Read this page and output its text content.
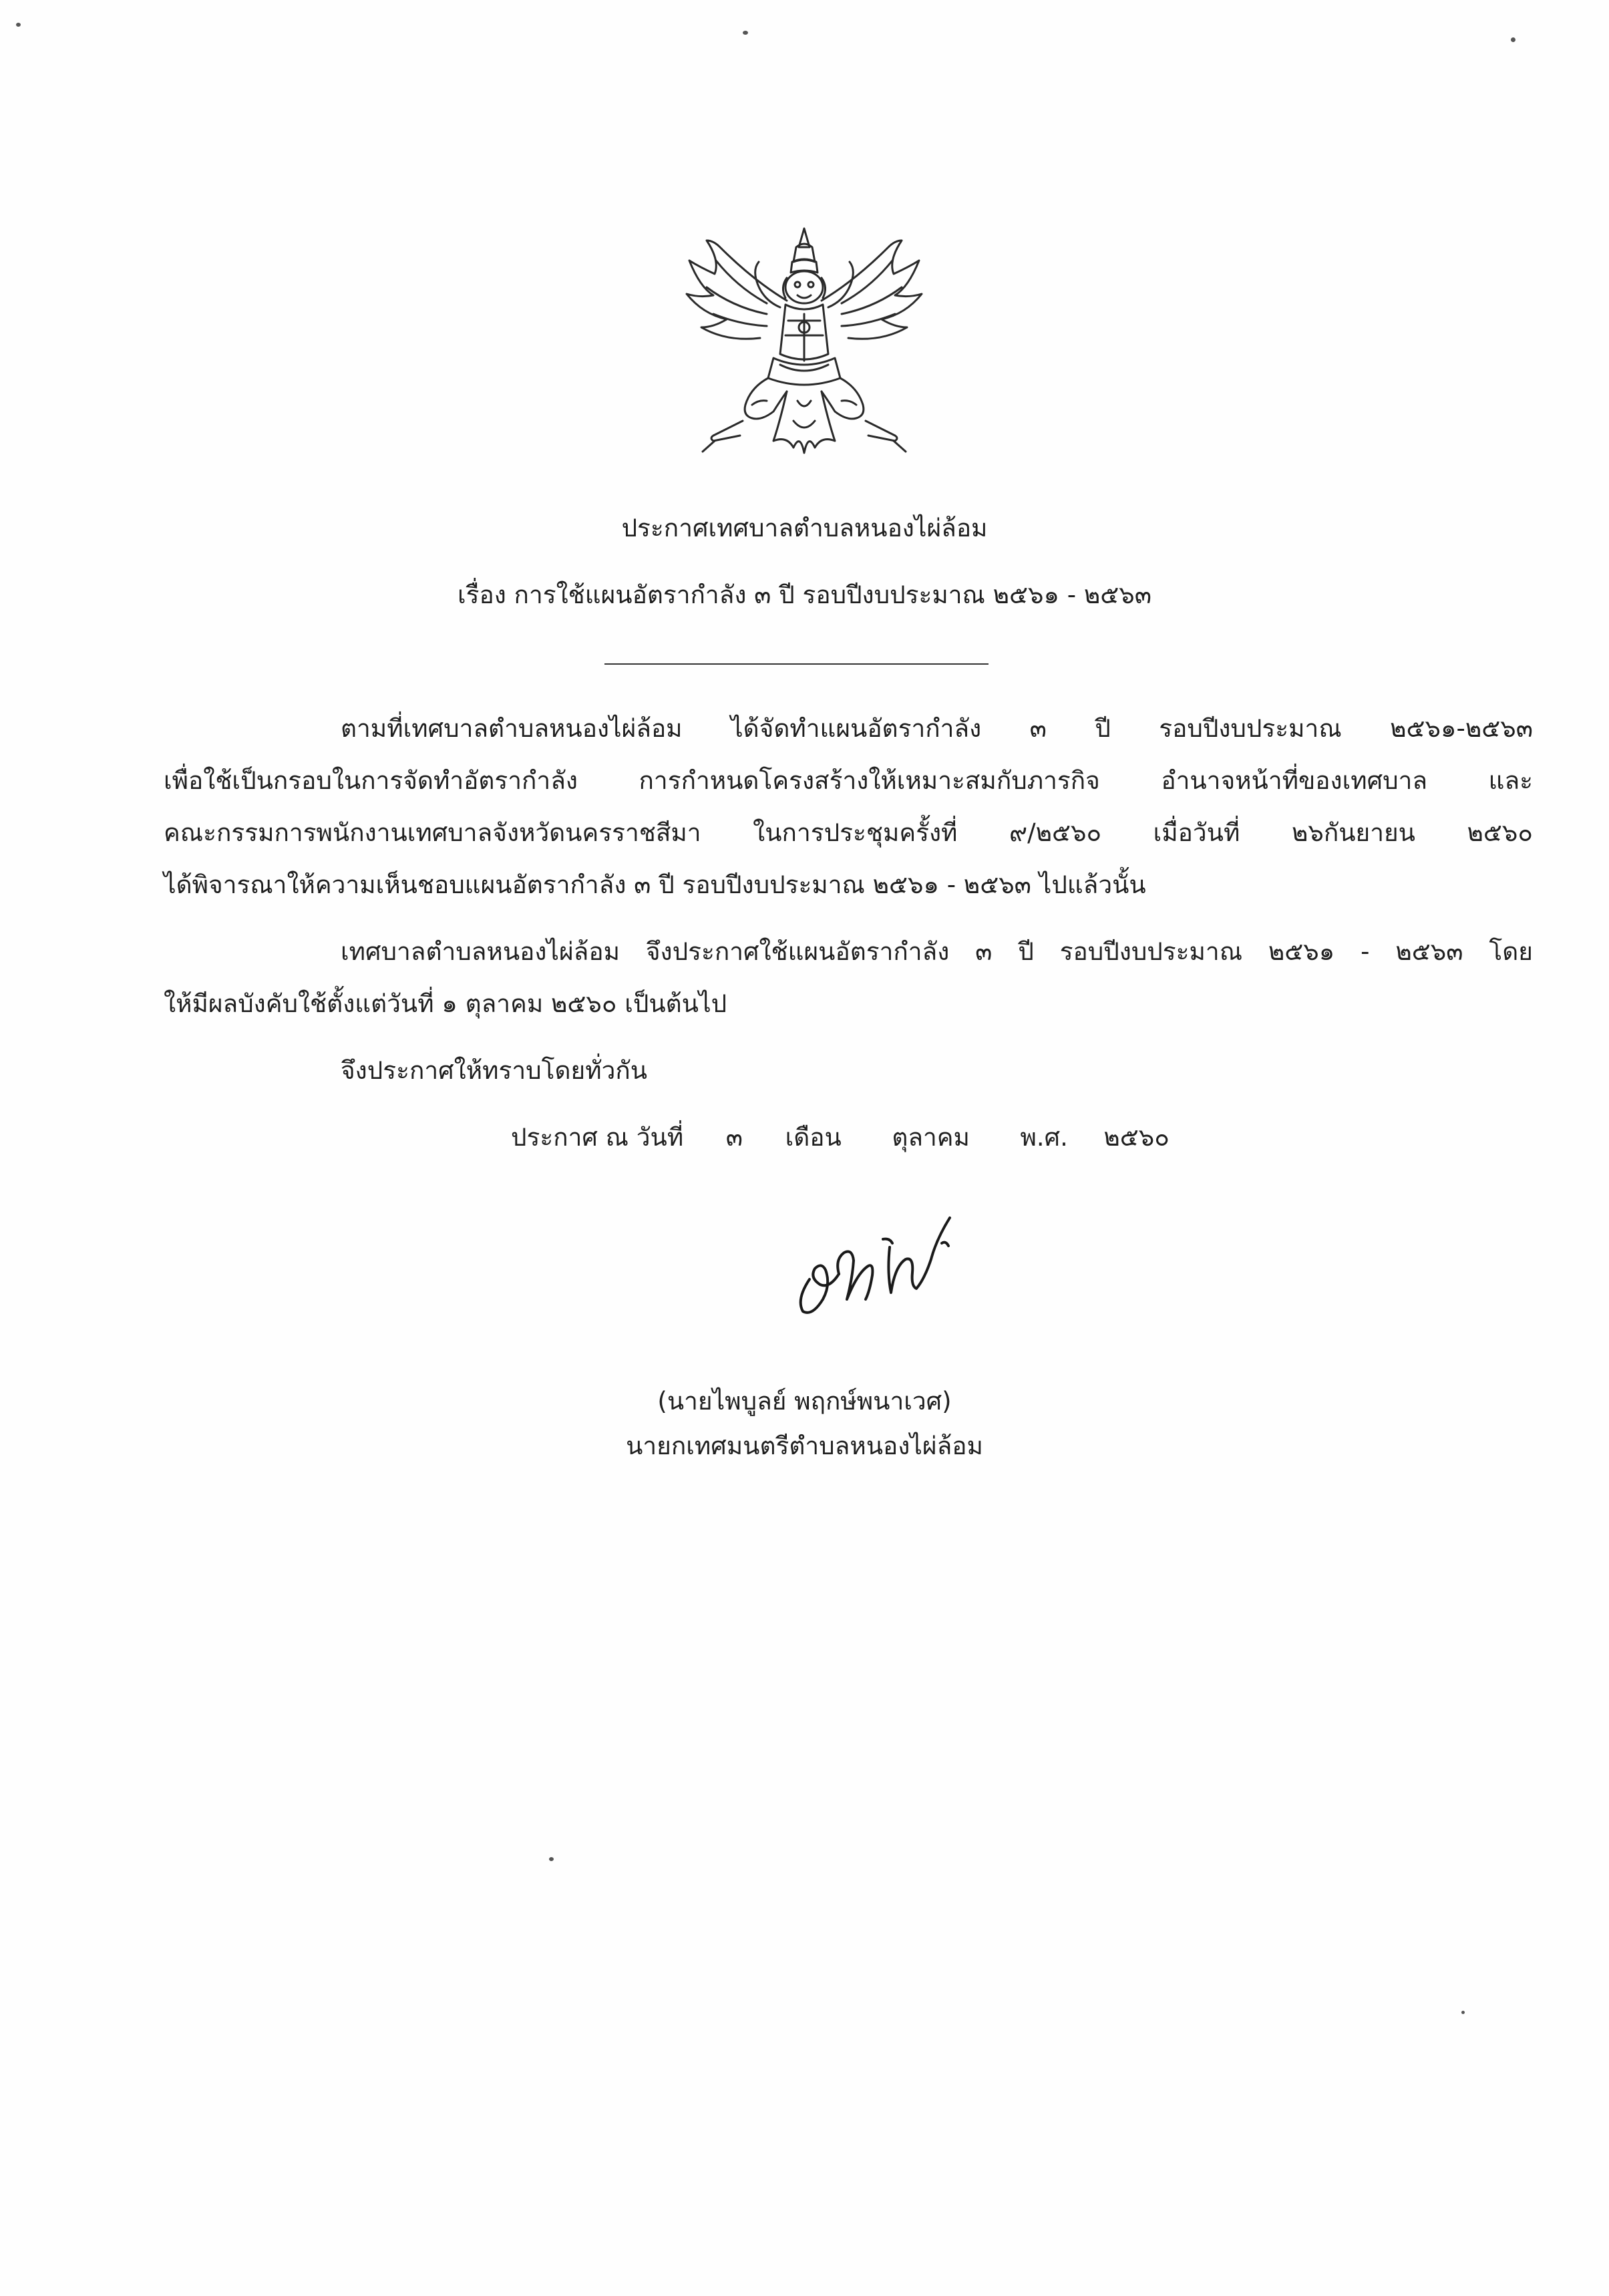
ประกาศเทศบาลตำบลหนองไผ่ล้อม
เรื่อง การใช้แผนอัตรากำลัง ๓ ปี รอบปีงบประมาณ ๒๕๖๑ - ๒๕๖๓
ตามที่เทศบาลตำบลหนองไผ่ล้อม ได้จัดทำแผนอัตรากำลัง ๓ ปี รอบปีงบประมาณ ๒๕๖๑-๒๕๖๓
เพื่อใช้เป็นกรอบในการจัดทำอัตรากำลัง การกำหนดโครงสร้างให้เหมาะสมกับภารกิจ อำนาจหน้าที่ของเทศบาล และ
คณะกรรมการพนักงานเทศบาลจังหวัดนครราชสีมา ในการประชุมครั้งที่ ๙/๒๕๖๐ เมื่อวันที่ ๒๖กันยายน ๒๕๖๐
ได้พิจารณาให้ความเห็นชอบแผนอัตรากำลัง ๓ ปี รอบปีงบประมาณ ๒๕๖๑ - ๒๕๖๓ ไปแล้วนั้น
เทศบาลตำบลหนองไผ่ล้อม จึงประกาศใช้แผนอัตรากำลัง ๓ ปี รอบปีงบประมาณ ๒๕๖๑ - ๒๕๖๓ โดย
ให้มีผลบังคับใช้ตั้งแต่วันที่ ๑ ตุลาคม ๒๕๖๐ เป็นต้นไป
จึงประกาศให้ทราบโดยทั่วกัน
ประกาศ ณ วันที่ ๓ เดือน ตุลาคม พ.ศ. ๒๕๖๐
(นายไพบูลย์ พฤกษ์พนาเวศ)
นายกเทศมนตรีตำบลหนองไผ่ล้อม
